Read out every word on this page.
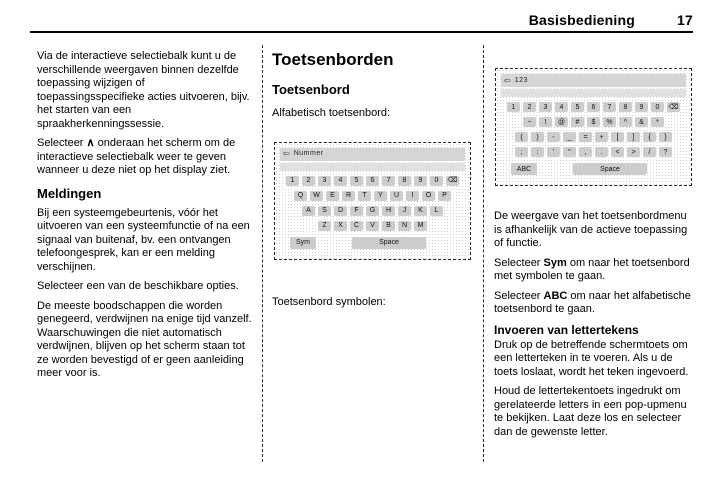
Basisbediening	17

Via de interactieve selectiebalk kunt u de verschillende weergaven binnen dezelfde toepassing wijzigen of toepassingsspecifieke acties uitvoeren, bijv. het starten van een spraakherkenningssessie.

Selecteer ∧ onderaan het scherm om de interactieve selectiebalk weer te geven wanneer u deze niet op het display ziet.

Meldingen

Bij een systeemgebeurtenis, vóór het uitvoeren van een systeemfunctie of na een signaal van buitenaf, bv. een ontvangen telefoongesprek, kan er een melding verschijnen.

Selecteer een van de beschikbare opties.

De meeste boodschappen die worden genegeerd, verdwijnen na enige tijd vanzelf. Waarschuwingen die niet automatisch verdwijnen, blijven op het scherm staan tot ze worden bevestigd of er geen aanleiding meer voor is.

Toetsenborden
Toetsenbord

Alfabetisch toetsenbord:

⇦ Nummer
1	2	3	4	5	6	7	8	9	0	⌫
Q	W	E	R	T	Y	U	I	O	P
A	S	D	F	G	H	J	K	L
Z	X	C	V	B	N	M
Sym	Space

Toetsenbord symbolen:

⇦ 123
1	2	3	4	5	6	7	8	9	0	⌫
~	!	@	#	$	%	^	&	*
(	)	-	_	=	+	[	]	{	}
;	:	'	"	,	.	<	>	/	?
ABC	Space

De weergave van het toetsenbordmenu is afhankelijk van de actieve toepassing of functie.

Selecteer Sym om naar het toetsenbord met symbolen te gaan.

Selecteer ABC om naar het alfabetische toetsenbord te gaan.

Invoeren van lettertekens

Druk op de betreffende schermtoets om een letterteken in te voeren. Als u de toets loslaat, wordt het teken ingevoerd.

Houd de lettertekentoets ingedrukt om gerelateerde letters in een pop-upmenu te bekijken. Laat deze los en selecteer dan de gewenste letter.
